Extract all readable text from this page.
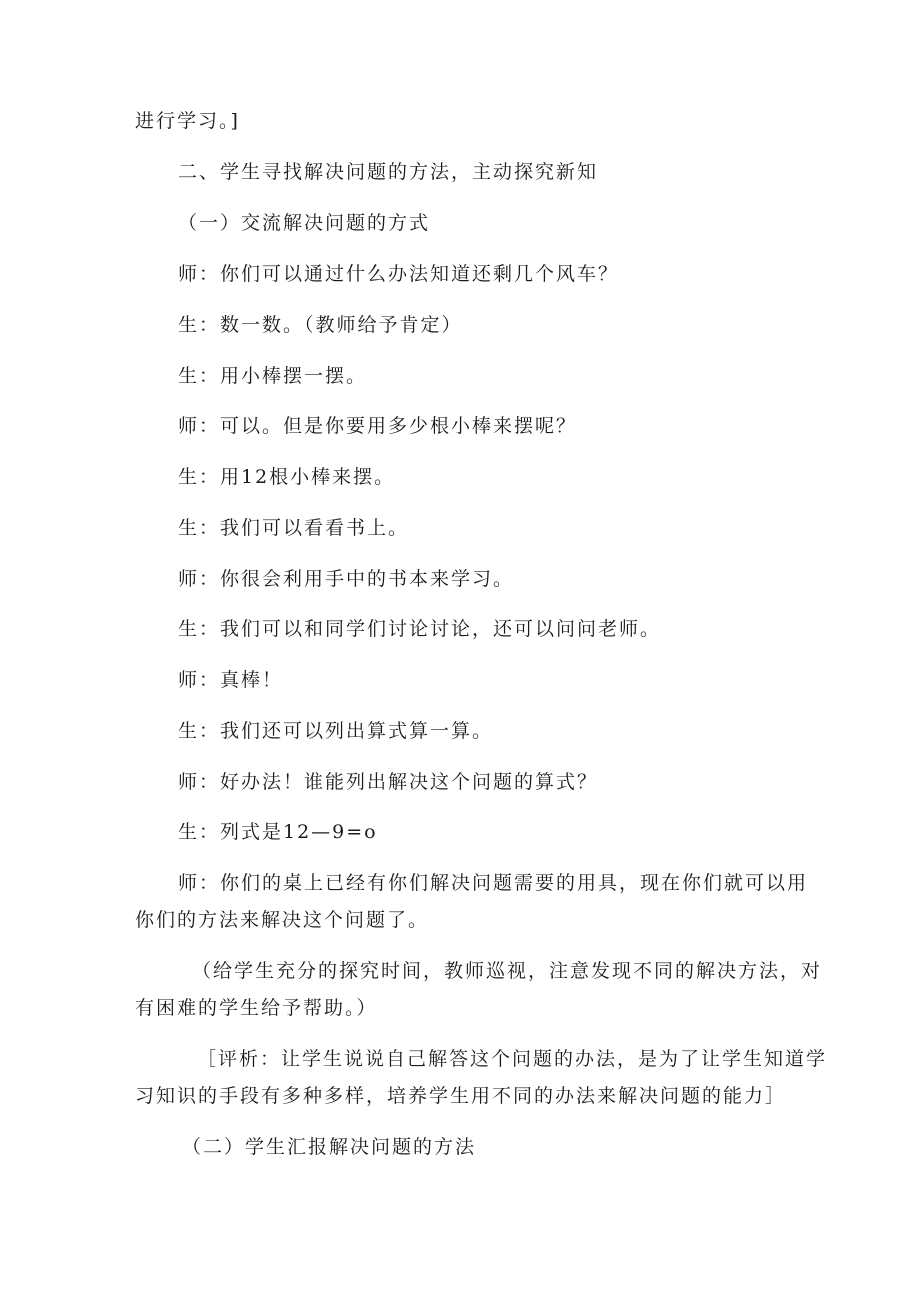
进行学习。]

二、学生寻找解决问题的方法，主动探究新知

（一）交流解决问题的方式

师：你们可以通过什么办法知道还剩几个风车？

生：数一数。（教师给予肯定）

生：用小棒摆一摆。

师：可以。但是你要用多少根小棒来摆呢？

生：用12根小棒来摆。

生：我们可以看看书上。

师：你很会利用手中的书本来学习。

生：我们可以和同学们讨论讨论，还可以问问老师。

师：真棒！

生：我们还可以列出算式算一算。

师：好办法！谁能列出解决这个问题的算式？

生：列式是12—9=o

师：你们的桌上已经有你们解决问题需要的用具，现在你们就可以用

你们的方法来解决这个问题了。

（给学生充分的探究时间，教师巡视，注意发现不同的解决方法，对

有困难的学生给予帮助。）

［评析：让学生说说自己解答这个问题的办法，是为了让学生知道学

习知识的手段有多种多样，培养学生用不同的办法来解决问题的能力］

（二）学生汇报解决问题的方法
